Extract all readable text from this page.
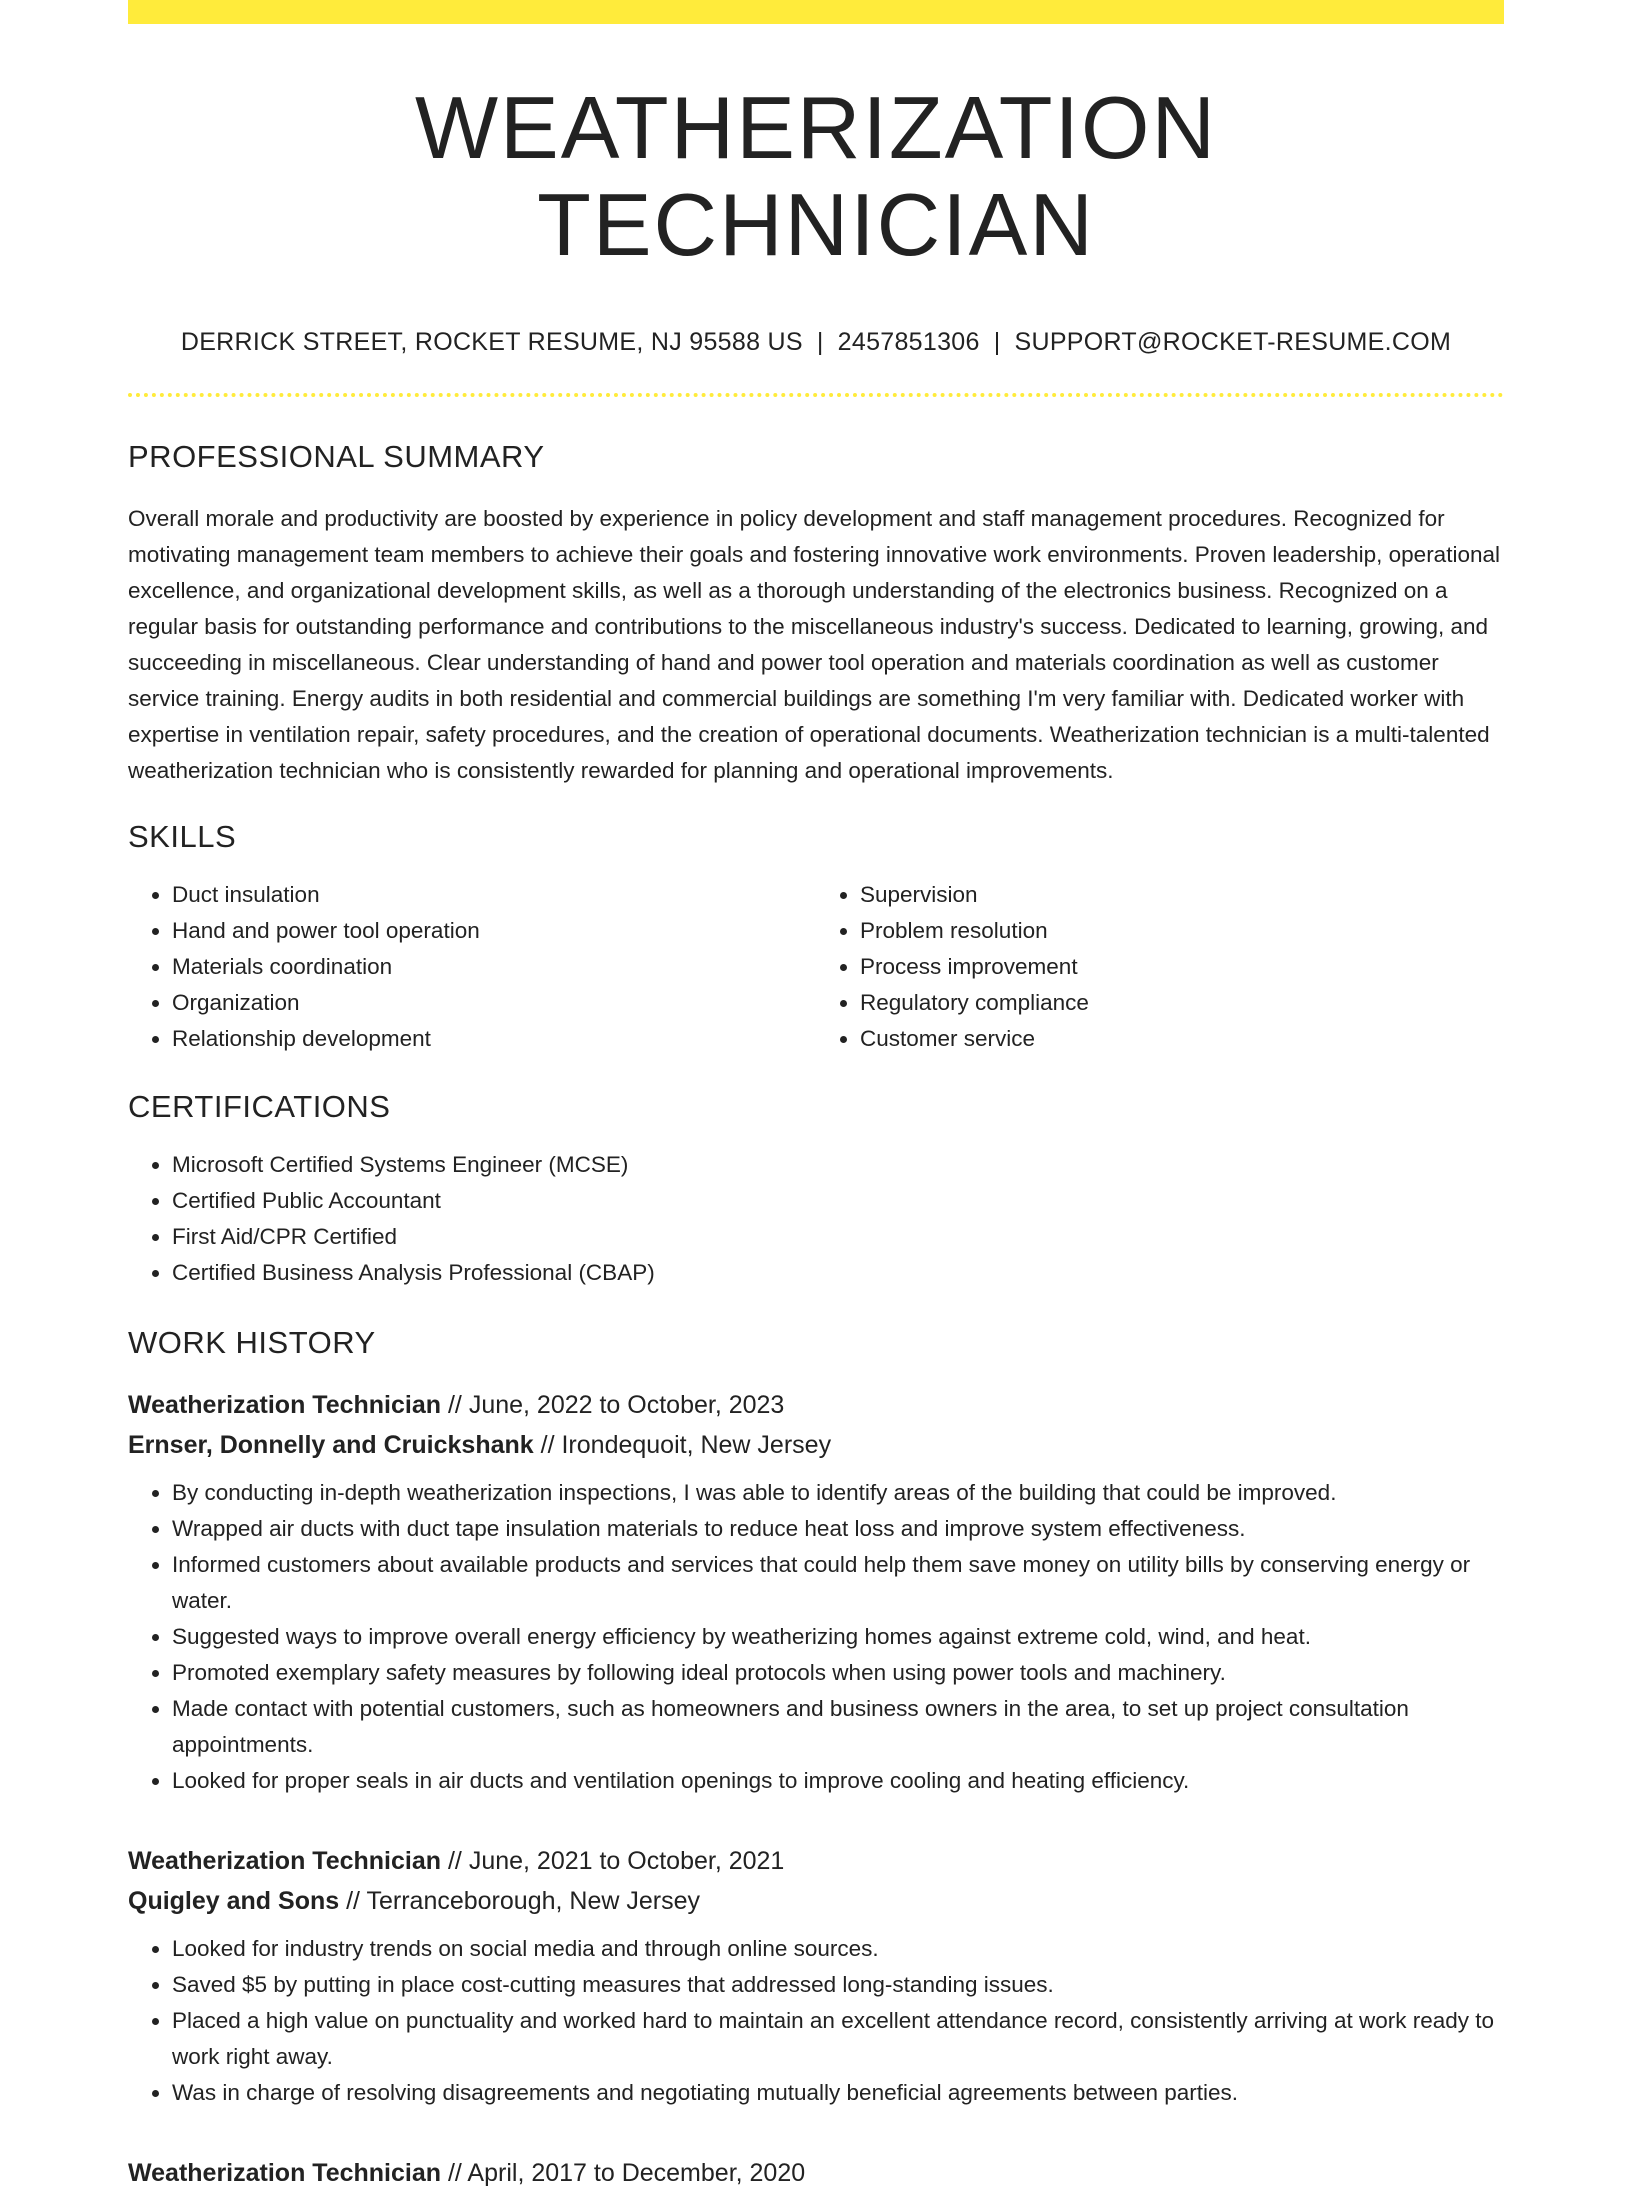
WEATHERIZATION TECHNICIAN
DERRICK STREET, ROCKET RESUME, NJ 95588 US | 2457851306 | SUPPORT@ROCKET-RESUME.COM
PROFESSIONAL SUMMARY

Overall morale and productivity are boosted by experience in policy development and staff management procedures. Recognized for motivating management team members to achieve their goals and fostering innovative work environments. Proven leadership, operational excellence, and organizational development skills, as well as a thorough understanding of the electronics business. Recognized on a regular basis for outstanding performance and contributions to the miscellaneous industry's success. Dedicated to learning, growing, and succeeding in miscellaneous. Clear understanding of hand and power tool operation and materials coordination as well as customer service training. Energy audits in both residential and commercial buildings are something I'm very familiar with. Dedicated worker with expertise in ventilation repair, safety procedures, and the creation of operational documents. Weatherization technician is a multi-talented weatherization technician who is consistently rewarded for planning and operational improvements.

SKILLS
• Duct insulation
• Hand and power tool operation
• Materials coordination
• Organization
• Relationship development
• Supervision
• Problem resolution
• Process improvement
• Regulatory compliance
• Customer service
CERTIFICATIONS
• Microsoft Certified Systems Engineer (MCSE)
• Certified Public Accountant
• First Aid/CPR Certified
• Certified Business Analysis Professional (CBAP)
WORK HISTORY
Weatherization Technician // June, 2022 to October, 2023
Ernser, Donnelly and Cruickshank // Irondequoit, New Jersey
• By conducting in-depth weatherization inspections, I was able to identify areas of the building that could be improved.
• Wrapped air ducts with duct tape insulation materials to reduce heat loss and improve system effectiveness.
• Informed customers about available products and services that could help them save money on utility bills by conserving energy or water.
• Suggested ways to improve overall energy efficiency by weatherizing homes against extreme cold, wind, and heat.
• Promoted exemplary safety measures by following ideal protocols when using power tools and machinery.
• Made contact with potential customers, such as homeowners and business owners in the area, to set up project consultation appointments.
• Looked for proper seals in air ducts and ventilation openings to improve cooling and heating efficiency.
Weatherization Technician // June, 2021 to October, 2021
Quigley and Sons // Terranceborough, New Jersey
• Looked for industry trends on social media and through online sources.
• Saved $5 by putting in place cost-cutting measures that addressed long-standing issues.
• Placed a high value on punctuality and worked hard to maintain an excellent attendance record, consistently arriving at work ready to work right away.
• Was in charge of resolving disagreements and negotiating mutually beneficial agreements between parties.
Weatherization Technician // April, 2017 to December, 2020
